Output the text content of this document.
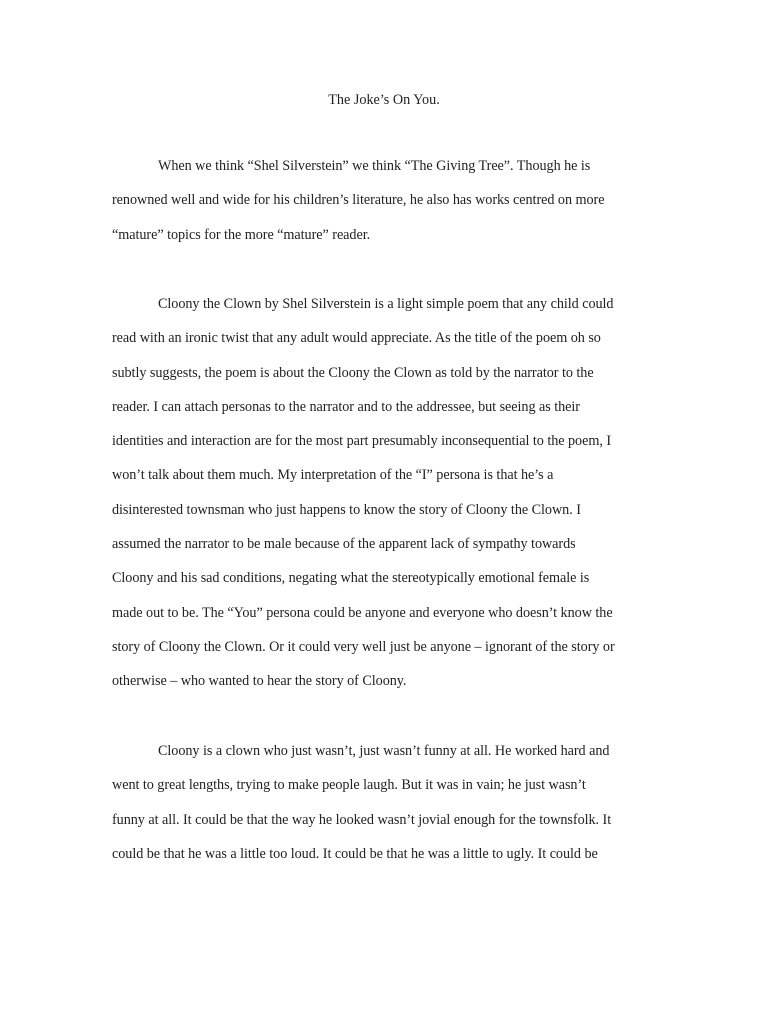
The Joke’s On You.
When we think “Shel Silverstein” we think “The Giving Tree”. Though he is
renowned well and wide for his children’s literature, he also has works centred on more
“mature” topics for the more “mature” reader.
Cloony the Clown by Shel Silverstein is a light simple poem that any child could
read with an ironic twist that any adult would appreciate. As the title of the poem oh so
subtly suggests, the poem is about the Cloony the Clown as told by the narrator to the
reader. I can attach personas to the narrator and to the addressee, but seeing as their
identities and interaction are for the most part presumably inconsequential to the poem, I
won’t talk about them much. My interpretation of the “I” persona is that he’s a
disinterested townsman who just happens to know the story of Cloony the Clown. I
assumed the narrator to be male because of the apparent lack of sympathy towards
Cloony and his sad conditions, negating what the stereotypically emotional female is
made out to be. The “You” persona could be anyone and everyone who doesn’t know the
story of Cloony the Clown. Or it could very well just be anyone – ignorant of the story or
otherwise – who wanted to hear the story of Cloony.
Cloony is a clown who just wasn’t, just wasn’t funny at all. He worked hard and
went to great lengths, trying to make people laugh. But it was in vain; he just wasn’t
funny at all. It could be that the way he looked wasn’t jovial enough for the townsfolk. It
could be that he was a little too loud. It could be that he was a little to ugly. It could be
